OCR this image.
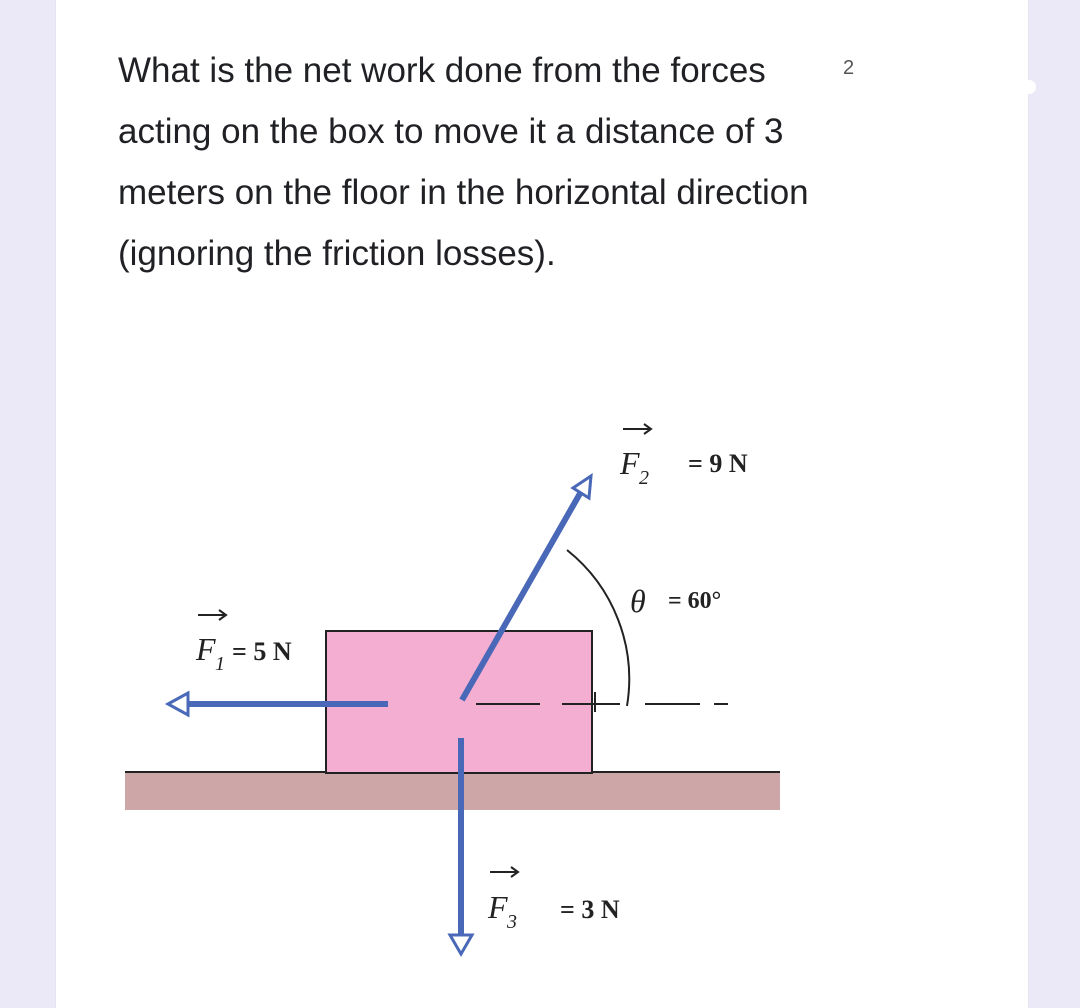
What is the net work done from the forces acting on the box to move it a distance of 3 meters on the floor in the horizontal direction (ignoring the friction losses).

2
F 1 = 5 N
F 2 = 9 N
θ = 60°
F 3 = 3 N
